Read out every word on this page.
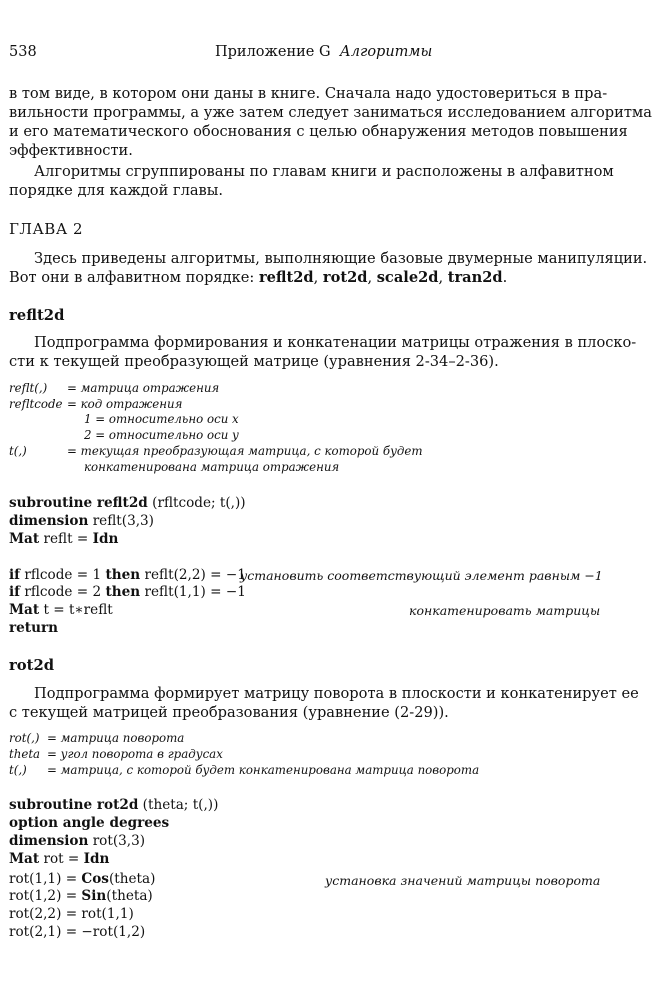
538	Приложение G Алгоритмы
в том виде, в котором они даны в книге. Сначала надо удостовериться в пра-
вильности программы, а уже затем следует заниматься исследованием алгоритма
и его математического обоснования с целью обнаружения методов повышения
эффективности.
Алгоритмы сгруппированы по главам книги и расположены в алфавитном
порядке для каждой главы.
ГЛАВА 2
Здесь приведены алгоритмы, выполняющие базовые двумерные манипуляции.
Вот они в алфавитном порядке: reflt2d, rot2d, scale2d, tran2d.
reflt2d
Подпрограмма формирования и конкатенации матрицы отражения в плоско-
сти к текущей преобразующей матрице (уравнения 2-34–2-36).
reflt(,) = матрица отражения
refltcode = код отражения
1 = относительно оси x
2 = относительно оси y
t(,)	= текущая преобразующая матрица, с которой будет
конкатенирована матрица отражения
subroutine reflt2d (rfltcode; t(,))
dimension reflt(3,3)
Mat reflt = Idn
if rflcode = 1 then reflt(2,2) = −1
установить соответствующий элемент равным −1
if rflcode = 2 then reflt(1,1) = −1
Mat t = t∗reflt	конкатенировать матрицы
return
rot2d
Подпрограмма формирует матрицу поворота в плоскости и конкатенирует ее
с текущей матрицей преобразования (уравнение (2-29)).
rot(,) = матрица поворота
theta = угол поворота в градусах
t(,) = матрица, с которой будет конкатенирована матрица поворота
subroutine rot2d (theta; t(,))
option angle degrees
dimension rot(3,3)
Mat rot = Idn
rot(1,1) = Cos(theta)	установка значений матрицы поворота
rot(1,2) = Sin(theta)
rot(2,2) = rot(1,1)
rot(2,1) = −rot(1,2)
